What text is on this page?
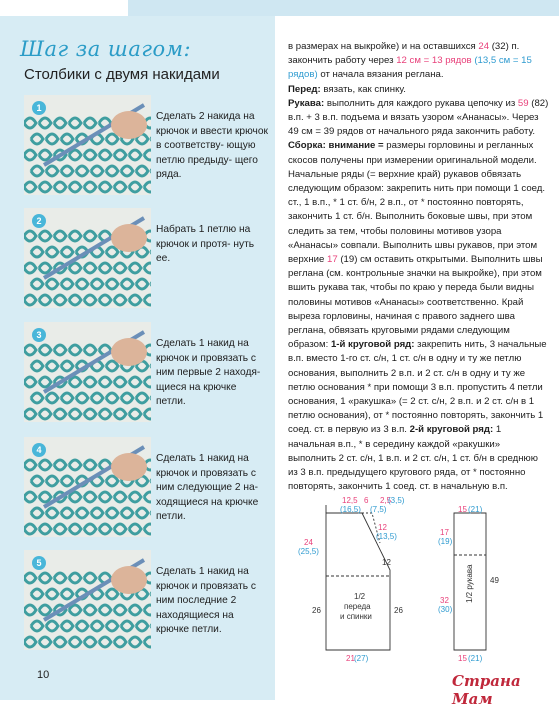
Шаг за шагом:
Столбики с двумя накидами
1
Сделать 2 накида на крючок и ввести крючок в соответству- ющую петлю предыду- щего ряда.
2
Набрать 1 петлю на крючок и протя- нуть ее.
3
Сделать 1 накид на крючок и провязать с ним первые 2 находя- щиеся на крючке петли.
4
Сделать 1 накид на крючок и провязать с ним следующие 2 на- ходящиеся на крючке петли.
5
Сделать 1 накид на крючок и провязать с ним последние 2 находящиеся на крючке петли.

в размерах на выкройке) и на оставшихся 24 (32) п. закончить работу через 12 см = 13 рядов (13,5 см = 15 рядов) от начала вязания реглана.

Перед: вязать, как спинку.

Рукава: выполнить для каждого рукава цепочку из 59 (82) в.п. + 3 в.п. подъема и вязать узором «Ананасы». Через 49 см = 39 рядов от начального ряда закончить работу.

Сборка: внимание = размеры горловины и регланных скосов получены при измерении оригинальной модели. Начальные ряды (= верхние край) рукавов обвязать следующим образом: закрепить нить при помощи 1 соед. ст., 1 в.п., * 1 ст. б/н, 2 в.п., от * постоянно повторять, закончить 1 ст. б/н. Выполнить боковые швы, при этом следить за тем, чтобы половины мотивов узора «Ананасы» совпали. Выполнить швы рукавов, при этом верхние 17 (19) см оставить открытыми. Выполнить швы реглана (см. контрольные значки на выкройке), при этом вшить рукава так, чтобы по краю у переда были видны половины мотивов «Ананасы» соответственно. Край выреза горловины, начиная с правого заднего шва реглана, обвязать круговыми рядами следующим образом: 1-й круговой ряд: закрепить нить, 3 начальные в.п. вместо 1-го ст. с/н, 1 ст. с/н в одну и ту же петлю основания, выполнить 2 в.п. и 2 ст. с/н в одну и ту же петлю основания * при помощи 3 в.п. пропустить 4 петли основания, 1 «ракушка» (= 2 ст. с/н, 2 в.п. и 2 ст. с/н в 1 петлю основания), от * постоянно повторять, закончить 1 соед. ст. в первую из 3 в.п. 2-й круговой ряд: 1 начальная в.п., * в середину каждой «ракушки» выполнить 2 ст. с/н, 1 в.п. и 2 ст. с/н, 1 ст. б/н в среднюю из 3 в.п. предыдущего кругового ряда, от * постоянно повторять, закончить 1 соед. ст. в начальную в.п.

12,5
(16,5)
6
(7,5)
2,5
(3,5)
12
(13,5)
12
24
(25,5)
26	26
1/2
переда
и спинки
21 (27)
15 (21)
17
(19)
32
(30)
49
1/2 рукава
15 (21)
10	Страна Мам
